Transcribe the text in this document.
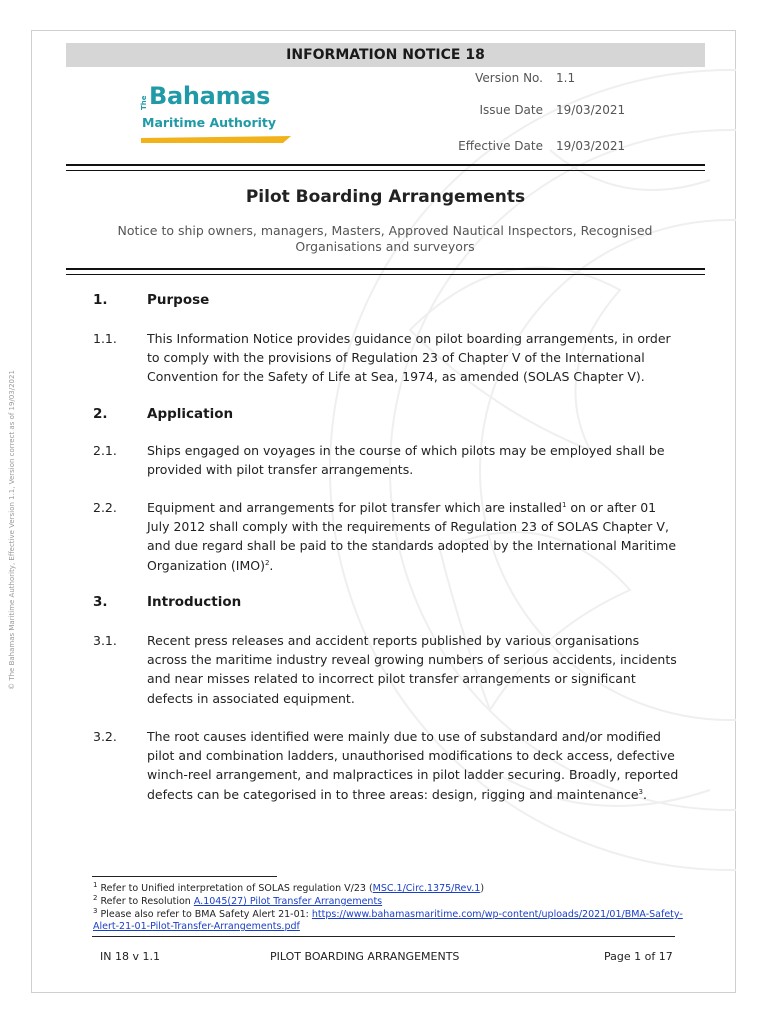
© The Bahamas Maritime Authority, Effective Version 1.1, Version correct as of 19/03/2021
INFORMATION NOTICE 18
The Bahamas
Maritime Authority
Version No. 1.1
Issue Date 19/03/2021
Effective Date 19/03/2021
Pilot Boarding Arrangements
Notice to ship owners, managers, Masters, Approved Nautical Inspectors, Recognised Organisations and surveyors
1.	Purpose
1.1. This Information Notice provides guidance on pilot boarding arrangements, in order to comply with the provisions of Regulation 23 of Chapter V of the International Convention for the Safety of Life at Sea, 1974, as amended (SOLAS Chapter V).
2.	Application
2.1. Ships engaged on voyages in the course of which pilots may be employed shall be provided with pilot transfer arrangements.
2.2. Equipment and arrangements for pilot transfer which are installed$^1$ on or after 01 July 2012 shall comply with the requirements of Regulation 23 of SOLAS Chapter V, and due regard shall be paid to the standards adopted by the International Maritime Organization (IMO)$^2$.
3.	Introduction
3.1. Recent press releases and accident reports published by various organisations across the maritime industry reveal growing numbers of serious accidents, incidents and near misses related to incorrect pilot transfer arrangements or significant defects in associated equipment.
3.2. The root causes identified were mainly due to use of substandard and/or modified pilot and combination ladders, unauthorised modifications to deck access, defective winch-reel arrangement, and malpractices in pilot ladder securing. Broadly, reported defects can be categorised in to three areas: design, rigging and maintenance$^3$.
$^1$ Refer to Unified interpretation of SOLAS regulation V/23 (MSC.1/Circ.1375/Rev.1)
$^2$ Refer to Resolution A.1045(27) Pilot Transfer Arrangements
$^3$ Please also refer to BMA Safety Alert 21-01: https://www.bahamasmaritime.com/wp-content/uploads/2021/01/BMA-Safety-Alert-21-01-Pilot-Transfer-Arrangements.pdf
IN 18 v 1.1	PILOT BOARDING ARRANGEMENTS	Page 1 of 17
